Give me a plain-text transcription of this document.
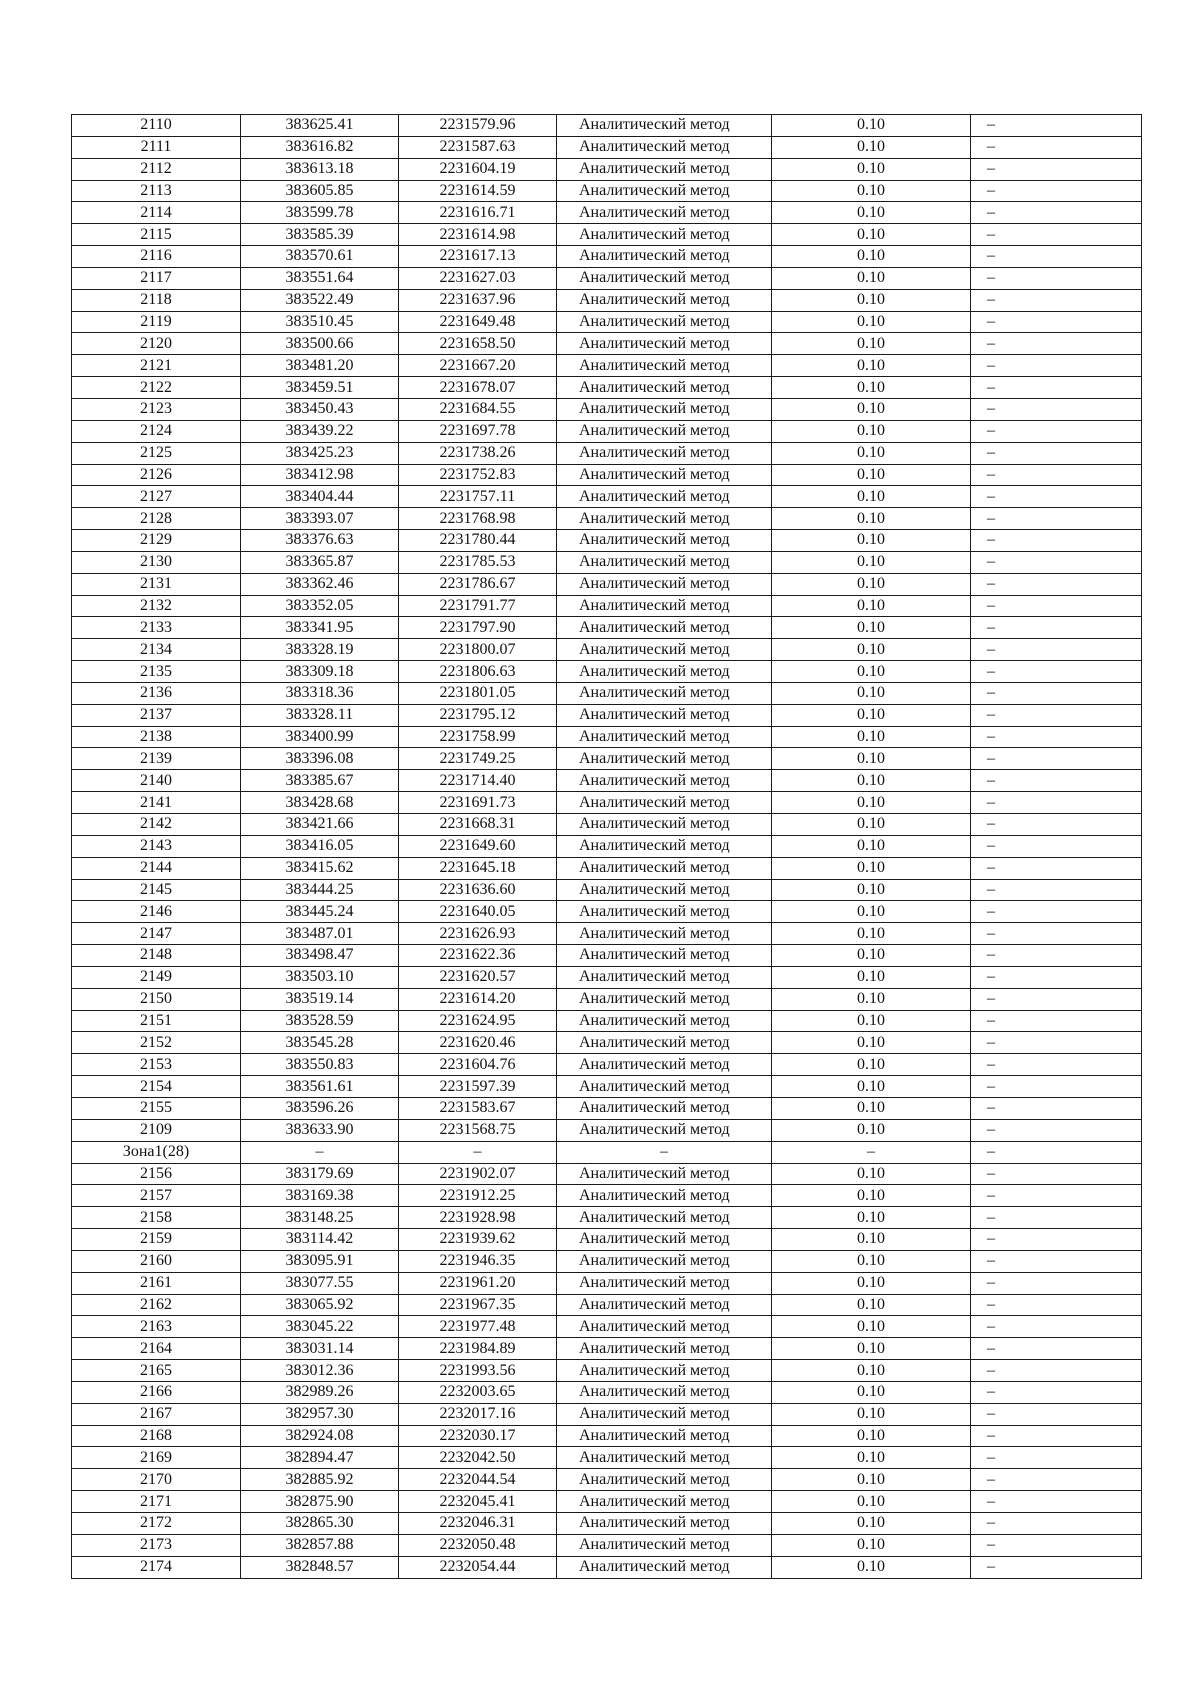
2110	383625.41	2231579.96	Аналитический метод	0.10	–
2111	383616.82	2231587.63	Аналитический метод	0.10	–
2112	383613.18	2231604.19	Аналитический метод	0.10	–
2113	383605.85	2231614.59	Аналитический метод	0.10	–
2114	383599.78	2231616.71	Аналитический метод	0.10	–
2115	383585.39	2231614.98	Аналитический метод	0.10	–
2116	383570.61	2231617.13	Аналитический метод	0.10	–
2117	383551.64	2231627.03	Аналитический метод	0.10	–
2118	383522.49	2231637.96	Аналитический метод	0.10	–
2119	383510.45	2231649.48	Аналитический метод	0.10	–
2120	383500.66	2231658.50	Аналитический метод	0.10	–
2121	383481.20	2231667.20	Аналитический метод	0.10	–
2122	383459.51	2231678.07	Аналитический метод	0.10	–
2123	383450.43	2231684.55	Аналитический метод	0.10	–
2124	383439.22	2231697.78	Аналитический метод	0.10	–
2125	383425.23	2231738.26	Аналитический метод	0.10	–
2126	383412.98	2231752.83	Аналитический метод	0.10	–
2127	383404.44	2231757.11	Аналитический метод	0.10	–
2128	383393.07	2231768.98	Аналитический метод	0.10	–
2129	383376.63	2231780.44	Аналитический метод	0.10	–
2130	383365.87	2231785.53	Аналитический метод	0.10	–
2131	383362.46	2231786.67	Аналитический метод	0.10	–
2132	383352.05	2231791.77	Аналитический метод	0.10	–
2133	383341.95	2231797.90	Аналитический метод	0.10	–
2134	383328.19	2231800.07	Аналитический метод	0.10	–
2135	383309.18	2231806.63	Аналитический метод	0.10	–
2136	383318.36	2231801.05	Аналитический метод	0.10	–
2137	383328.11	2231795.12	Аналитический метод	0.10	–
2138	383400.99	2231758.99	Аналитический метод	0.10	–
2139	383396.08	2231749.25	Аналитический метод	0.10	–
2140	383385.67	2231714.40	Аналитический метод	0.10	–
2141	383428.68	2231691.73	Аналитический метод	0.10	–
2142	383421.66	2231668.31	Аналитический метод	0.10	–
2143	383416.05	2231649.60	Аналитический метод	0.10	–
2144	383415.62	2231645.18	Аналитический метод	0.10	–
2145	383444.25	2231636.60	Аналитический метод	0.10	–
2146	383445.24	2231640.05	Аналитический метод	0.10	–
2147	383487.01	2231626.93	Аналитический метод	0.10	–
2148	383498.47	2231622.36	Аналитический метод	0.10	–
2149	383503.10	2231620.57	Аналитический метод	0.10	–
2150	383519.14	2231614.20	Аналитический метод	0.10	–
2151	383528.59	2231624.95	Аналитический метод	0.10	–
2152	383545.28	2231620.46	Аналитический метод	0.10	–
2153	383550.83	2231604.76	Аналитический метод	0.10	–
2154	383561.61	2231597.39	Аналитический метод	0.10	–
2155	383596.26	2231583.67	Аналитический метод	0.10	–
2109	383633.90	2231568.75	Аналитический метод	0.10	–
Зона1(28)	–	–	–	–	–
2156	383179.69	2231902.07	Аналитический метод	0.10	–
2157	383169.38	2231912.25	Аналитический метод	0.10	–
2158	383148.25	2231928.98	Аналитический метод	0.10	–
2159	383114.42	2231939.62	Аналитический метод	0.10	–
2160	383095.91	2231946.35	Аналитический метод	0.10	–
2161	383077.55	2231961.20	Аналитический метод	0.10	–
2162	383065.92	2231967.35	Аналитический метод	0.10	–
2163	383045.22	2231977.48	Аналитический метод	0.10	–
2164	383031.14	2231984.89	Аналитический метод	0.10	–
2165	383012.36	2231993.56	Аналитический метод	0.10	–
2166	382989.26	2232003.65	Аналитический метод	0.10	–
2167	382957.30	2232017.16	Аналитический метод	0.10	–
2168	382924.08	2232030.17	Аналитический метод	0.10	–
2169	382894.47	2232042.50	Аналитический метод	0.10	–
2170	382885.92	2232044.54	Аналитический метод	0.10	–
2171	382875.90	2232045.41	Аналитический метод	0.10	–
2172	382865.30	2232046.31	Аналитический метод	0.10	–
2173	382857.88	2232050.48	Аналитический метод	0.10	–
2174	382848.57	2232054.44	Аналитический метод	0.10	–
